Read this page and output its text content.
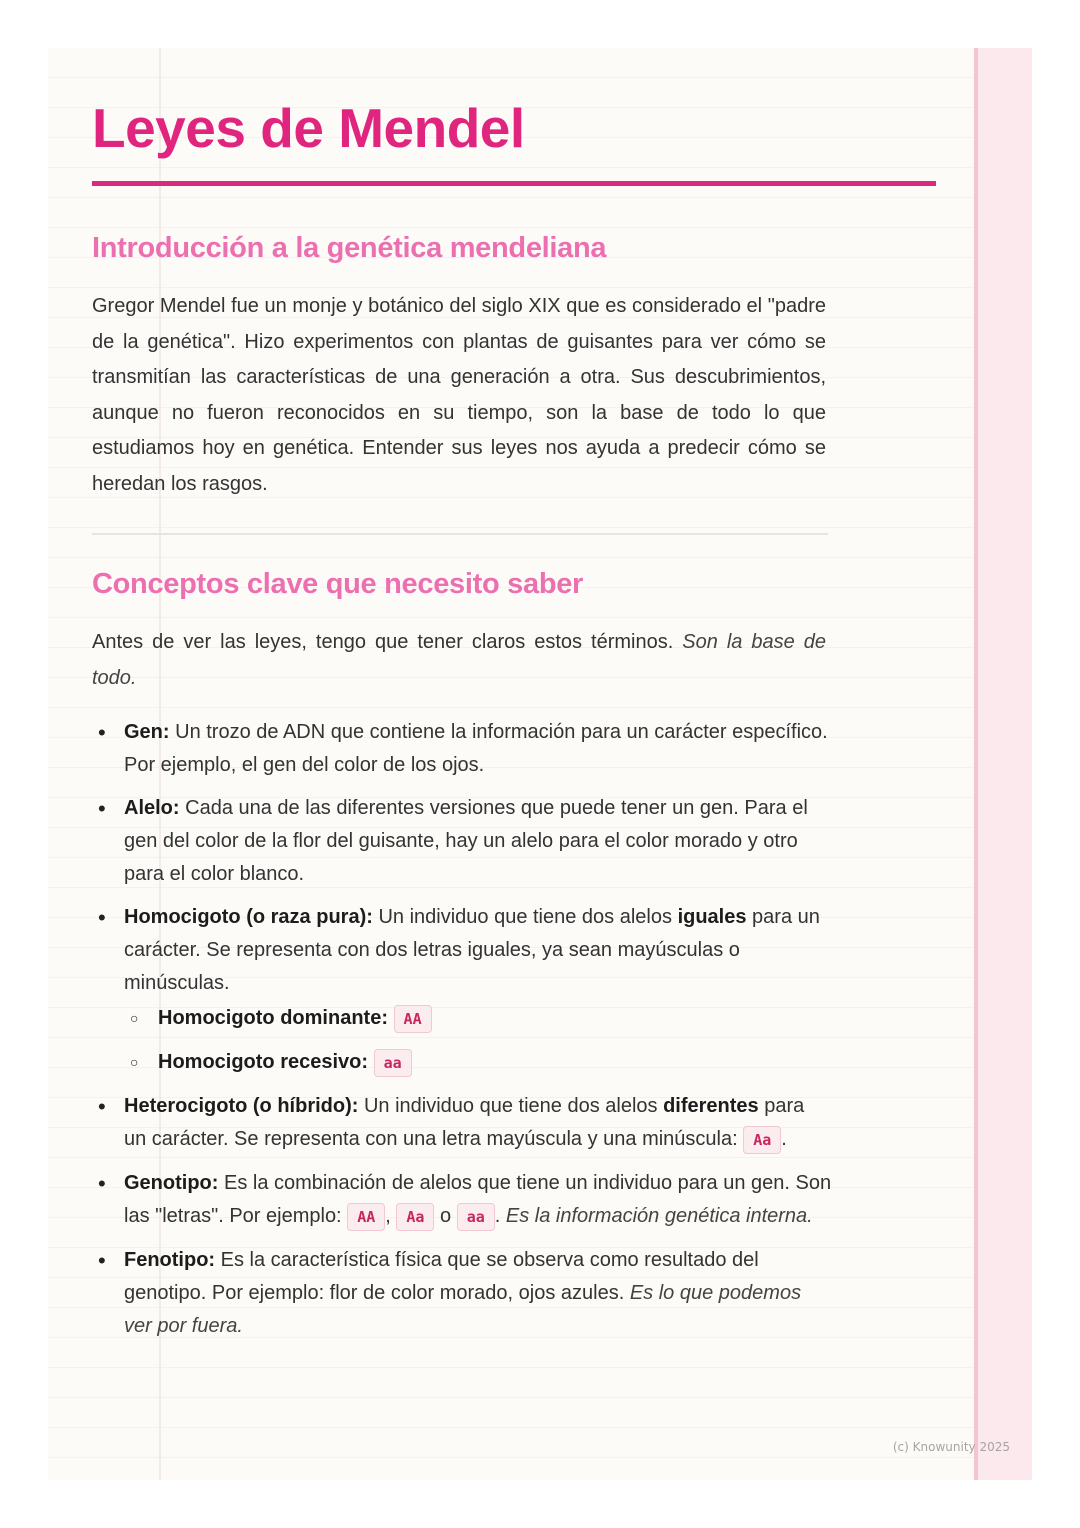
Leyes de Mendel
Introducción a la genética mendeliana

Gregor Mendel fue un monje y botánico del siglo XIX que es considerado el "padre de la genética". Hizo experimentos con plantas de guisantes para ver cómo se transmitían las características de una generación a otra. Sus descubrimientos, aunque no fueron reconocidos en su tiempo, son la base de todo lo que estudiamos hoy en genética. Entender sus leyes nos ayuda a predecir cómo se heredan los rasgos.

Conceptos clave que necesito saber

Antes de ver las leyes, tengo que tener claros estos términos. Son la base de todo.

• Gen: Un trozo de ADN que contiene la información para un carácter específico. Por ejemplo, el gen del color de los ojos.
• Alelo: Cada una de las diferentes versiones que puede tener un gen. Para el gen del color de la flor del guisante, hay un alelo para el color morado y otro para el color blanco.
• Homocigoto (o raza pura): Un individuo que tiene dos alelos iguales para un carácter. Se representa con dos letras iguales, ya sean mayúsculas o minúsculas.
○ Homocigoto dominante: AA
○ Homocigoto recesivo: aa
• Heterocigoto (o híbrido): Un individuo que tiene dos alelos diferentes para un carácter. Se representa con una letra mayúscula y una minúscula: Aa .
• Genotipo: Es la combinación de alelos que tiene un individuo para un gen. Son las "letras". Por ejemplo: AA , Aa o aa . Es la información genética interna.
• Fenotipo: Es la característica física que se observa como resultado del genotipo. Por ejemplo: flor de color morado, ojos azules. Es lo que podemos ver por fuera.
(c) Knowunity 2025
